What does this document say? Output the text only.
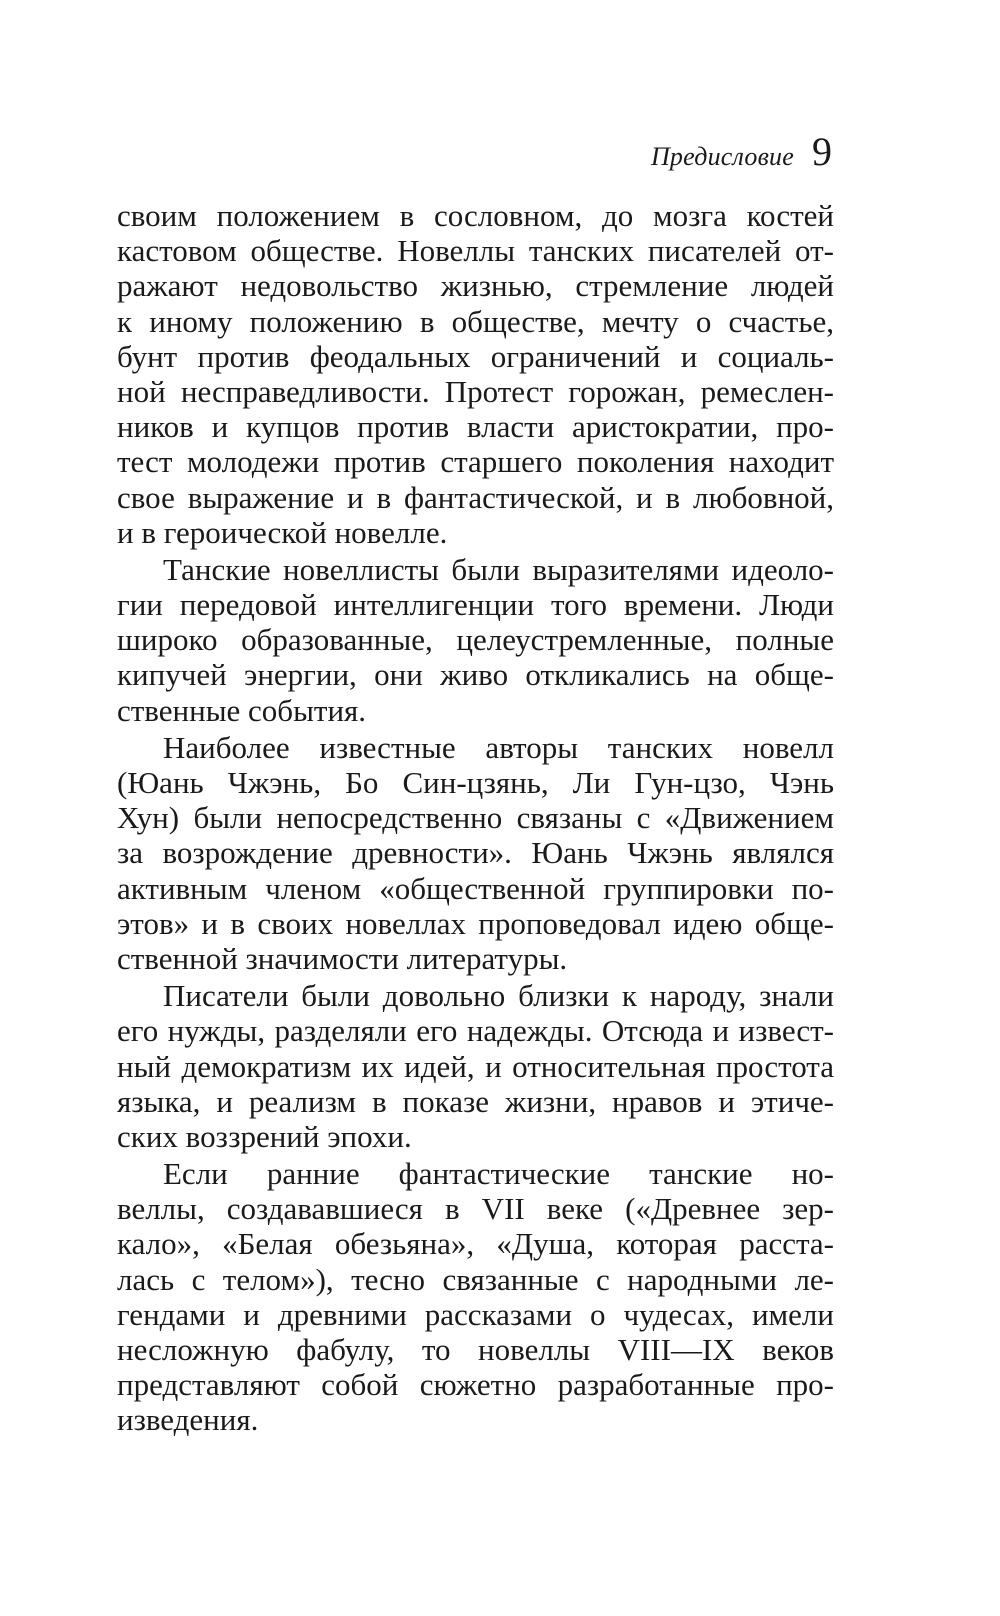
Предисловие 9
своим положением в сословном, до мозга костей
кастовом обществе. Новеллы танских писателей от-
ражают недовольство жизнью, стремление людей
к иному положению в обществе, мечту о счастье,
бунт против феодальных ограничений и социаль-
ной несправедливости. Протест горожан, ремеслен-
ников и купцов против власти аристократии, про-
тест молодежи против старшего поколения находит
свое выражение и в фантастической, и в любовной,
и в героической новелле.
Танские новеллисты были выразителями идеоло-
гии передовой интеллигенции того времени. Люди
широко образованные, целеустремленные, полные
кипучей энергии, они живо откликались на обще-
ственные события.
Наиболее известные авторы танских новелл
(Юань Чжэнь, Бо Син-цзянь, Ли Гун-цзо, Чэнь
Хун) были непосредственно связаны с «Движением
за возрождение древности». Юань Чжэнь являлся
активным членом «общественной группировки по-
этов» и в своих новеллах проповедовал идею обще-
ственной значимости литературы.
Писатели были довольно близки к народу, знали
его нужды, разделяли его надежды. Отсюда и извест-
ный демократизм их идей, и относительная простота
языка, и реализм в показе жизни, нравов и этиче-
ских воззрений эпохи.
Если ранние фантастические танские но-
веллы, создававшиеся в VII веке («Древнее зер-
кало», «Белая обезьяна», «Душа, которая расста-
лась с телом»), тесно связанные с народными ле-
гендами и древними рассказами о чудесах, имели
несложную фабулу, то новеллы VIII—IX веков
представляют собой сюжетно разработанные про-
изведения.
